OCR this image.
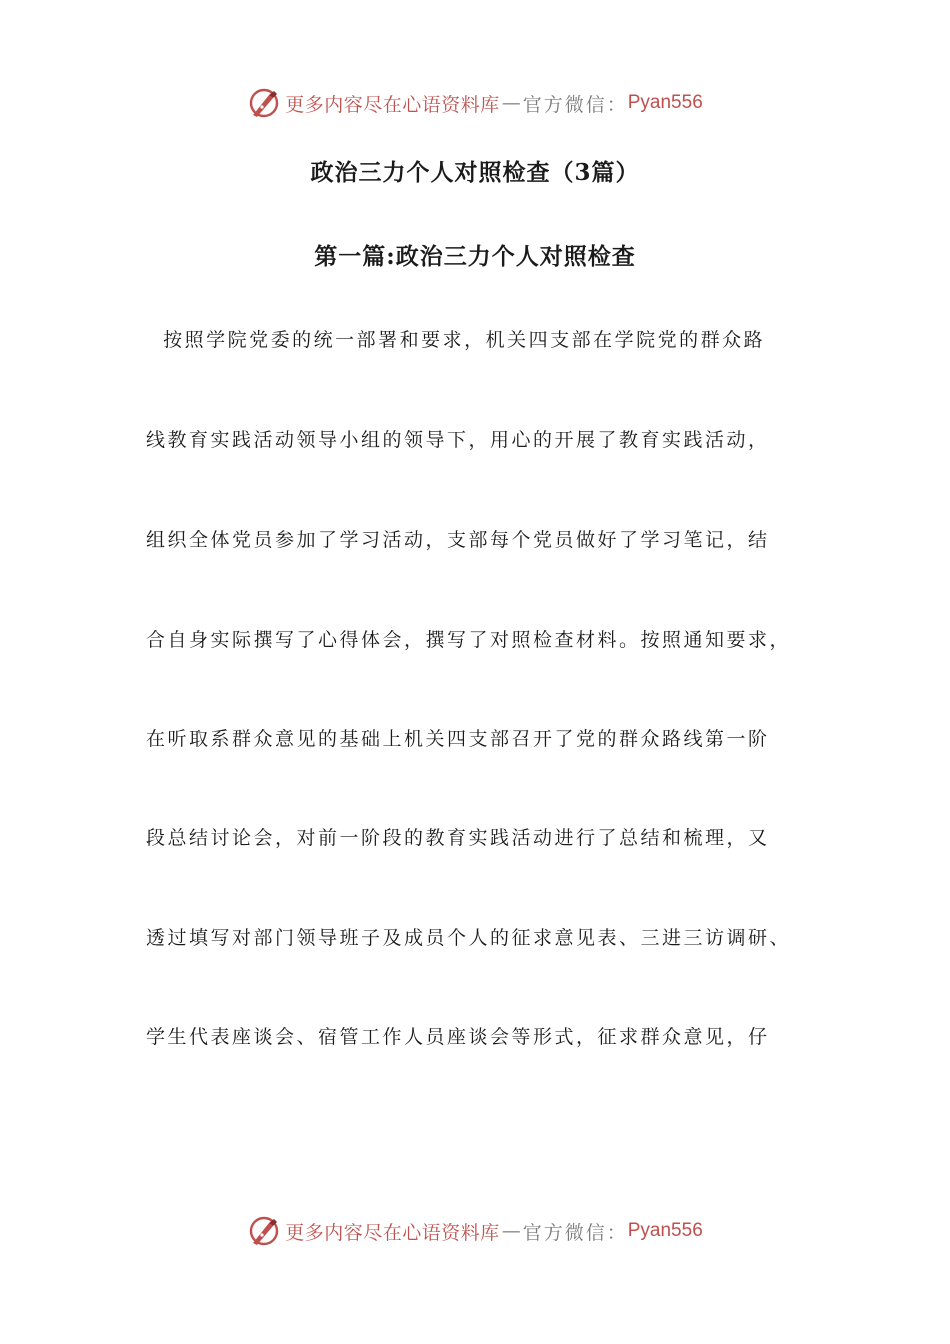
更多内容尽在心语资料库 — 官方微信： Pyan556
政治三力个人对照检查（3篇）
第一篇:政治三力个人对照检查
按照学院党委的统一部署和要求，机关四支部在学院党的群众路
线教育实践活动领导小组的领导下，用心的开展了教育实践活动，
组织全体党员参加了学习活动，支部每个党员做好了学习笔记，结
合自身实际撰写了心得体会，撰写了对照检查材料。按照通知要求，
在听取系群众意见的基础上机关四支部召开了党的群众路线第一阶
段总结讨论会，对前一阶段的教育实践活动进行了总结和梳理，又
透过填写对部门领导班子及成员个人的征求意见表、三进三访调研、
学生代表座谈会、宿管工作人员座谈会等形式，征求群众意见，仔
更多内容尽在心语资料库 — 官方微信： Pyan556
